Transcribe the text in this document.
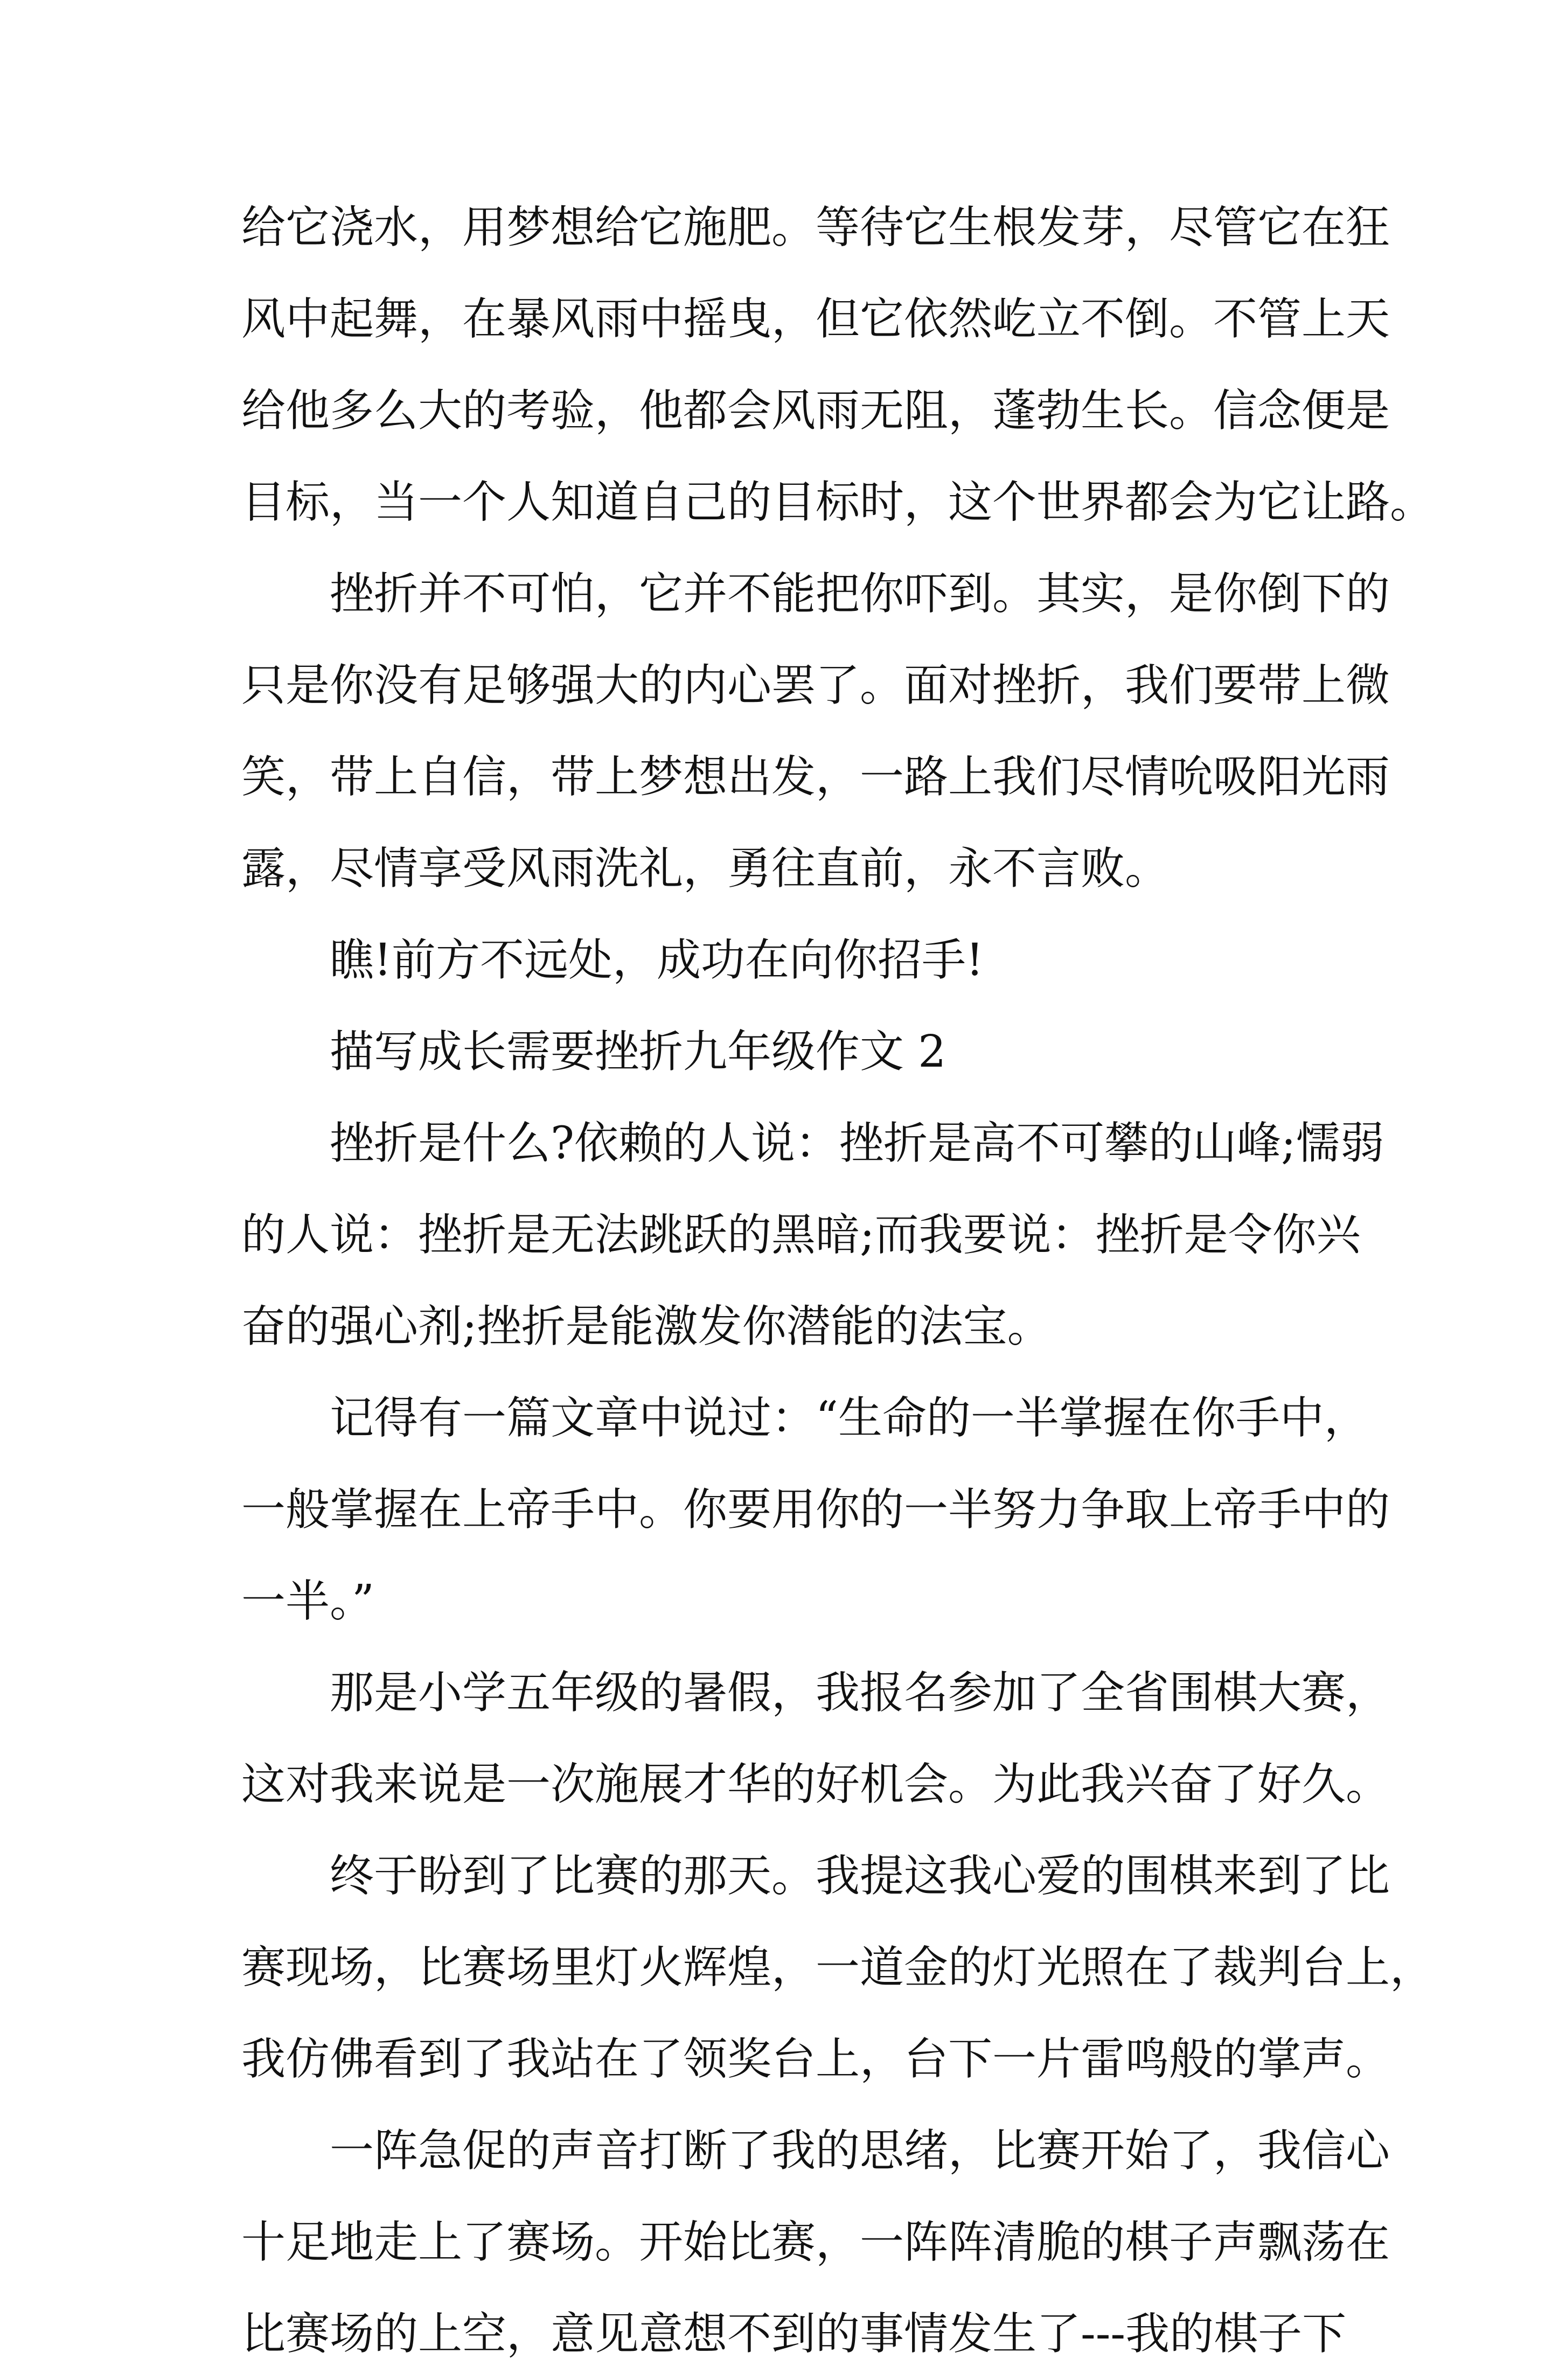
给它浇水，用梦想给它施肥。等待它生根发芽，尽管它在狂
风中起舞，在暴风雨中摇曳，但它依然屹立不倒。不管上天
给他多么大的考验，他都会风雨无阻，蓬勃生长。信念便是
目标，当一个人知道自己的目标时，这个世界都会为它让路。
挫折并不可怕，它并不能把你吓到。其实，是你倒下的
只是你没有足够强大的内心罢了。面对挫折，我们要带上微
笑，带上自信，带上梦想出发，一路上我们尽情吮吸阳光雨
露，尽情享受风雨洗礼，勇往直前，永不言败。
瞧!前方不远处，成功在向你招手!
描写成长需要挫折九年级作文 2
挫折是什么?依赖的人说：挫折是高不可攀的山峰;懦弱
的人说：挫折是无法跳跃的黑暗;而我要说：挫折是令你兴
奋的强心剂;挫折是能激发你潜能的法宝。
记得有一篇文章中说过：“生命的一半掌握在你手中，
一般掌握在上帝手中。你要用你的一半努力争取上帝手中的
一半。”
那是小学五年级的暑假，我报名参加了全省围棋大赛，
这对我来说是一次施展才华的好机会。为此我兴奋了好久。
终于盼到了比赛的那天。我提这我心爱的围棋来到了比
赛现场，比赛场里灯火辉煌，一道金的灯光照在了裁判台上，
我仿佛看到了我站在了领奖台上，台下一片雷鸣般的掌声。
一阵急促的声音打断了我的思绪，比赛开始了，我信心
十足地走上了赛场。开始比赛，一阵阵清脆的棋子声飘荡在
比赛场的上空，意见意想不到的事情发生了---我的棋子下
